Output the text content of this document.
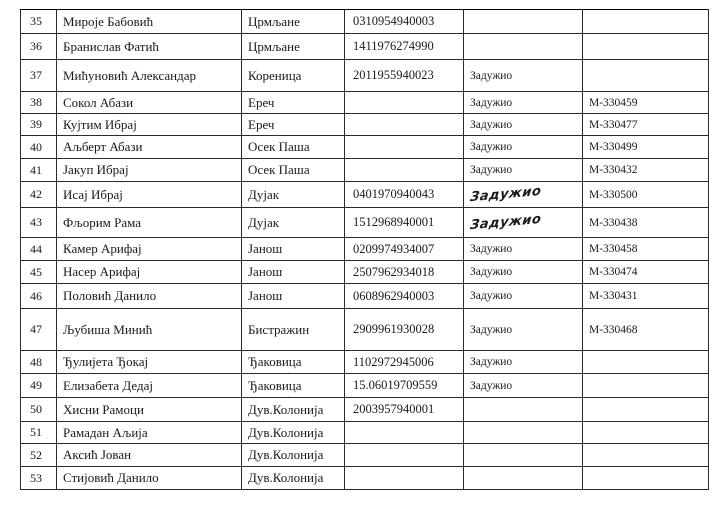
35	Мироје Бабовић	Црмљане	0310954940003		
36	Бранислав Фатић	Црмљане	1411976274990		
37	Мићуновић Александар	Кореница	2011955940023	Задужио	
38	Сокол Абази	Ереч		Задужио	М-330459
39	Кујтим Ибрај	Ереч		Задужио	М-330477
40	Аљберт Абази	Осек Паша		Задужио	М-330499
41	Јакуп Ибрај	Осек Паша		Задужио	М-330432
42	Исај Ибрај	Дујак	0401970940043	Задужио	М-330500
43	Фљорим Рама	Дујак	1512968940001	Задужио	М-330438
44	Камер Арифај	Јанош	0209974934007	Задужио	М-330458
45	Насер Арифај	Јанош	2507962934018	Задужио	М-330474
46	Половић Данило	Јанош	0608962940003	Задужио	М-330431
47	Љубиша Минић	Бистражин	2909961930028	Задужио	М-330468
48	Ђулијета Ђокај	Ђаковица	1102972945006	Задужио	
49	Елизабета Дедај	Ђаковица	15.06019709559	Задужио	
50	Хисни Рамоци	Дув.Колонија	2003957940001		
51	Рамадан Аљија	Дув.Колонија			
52	Аксић Јован	Дув.Колонија			
53	Стијовић Данило	Дув.Колонија			
